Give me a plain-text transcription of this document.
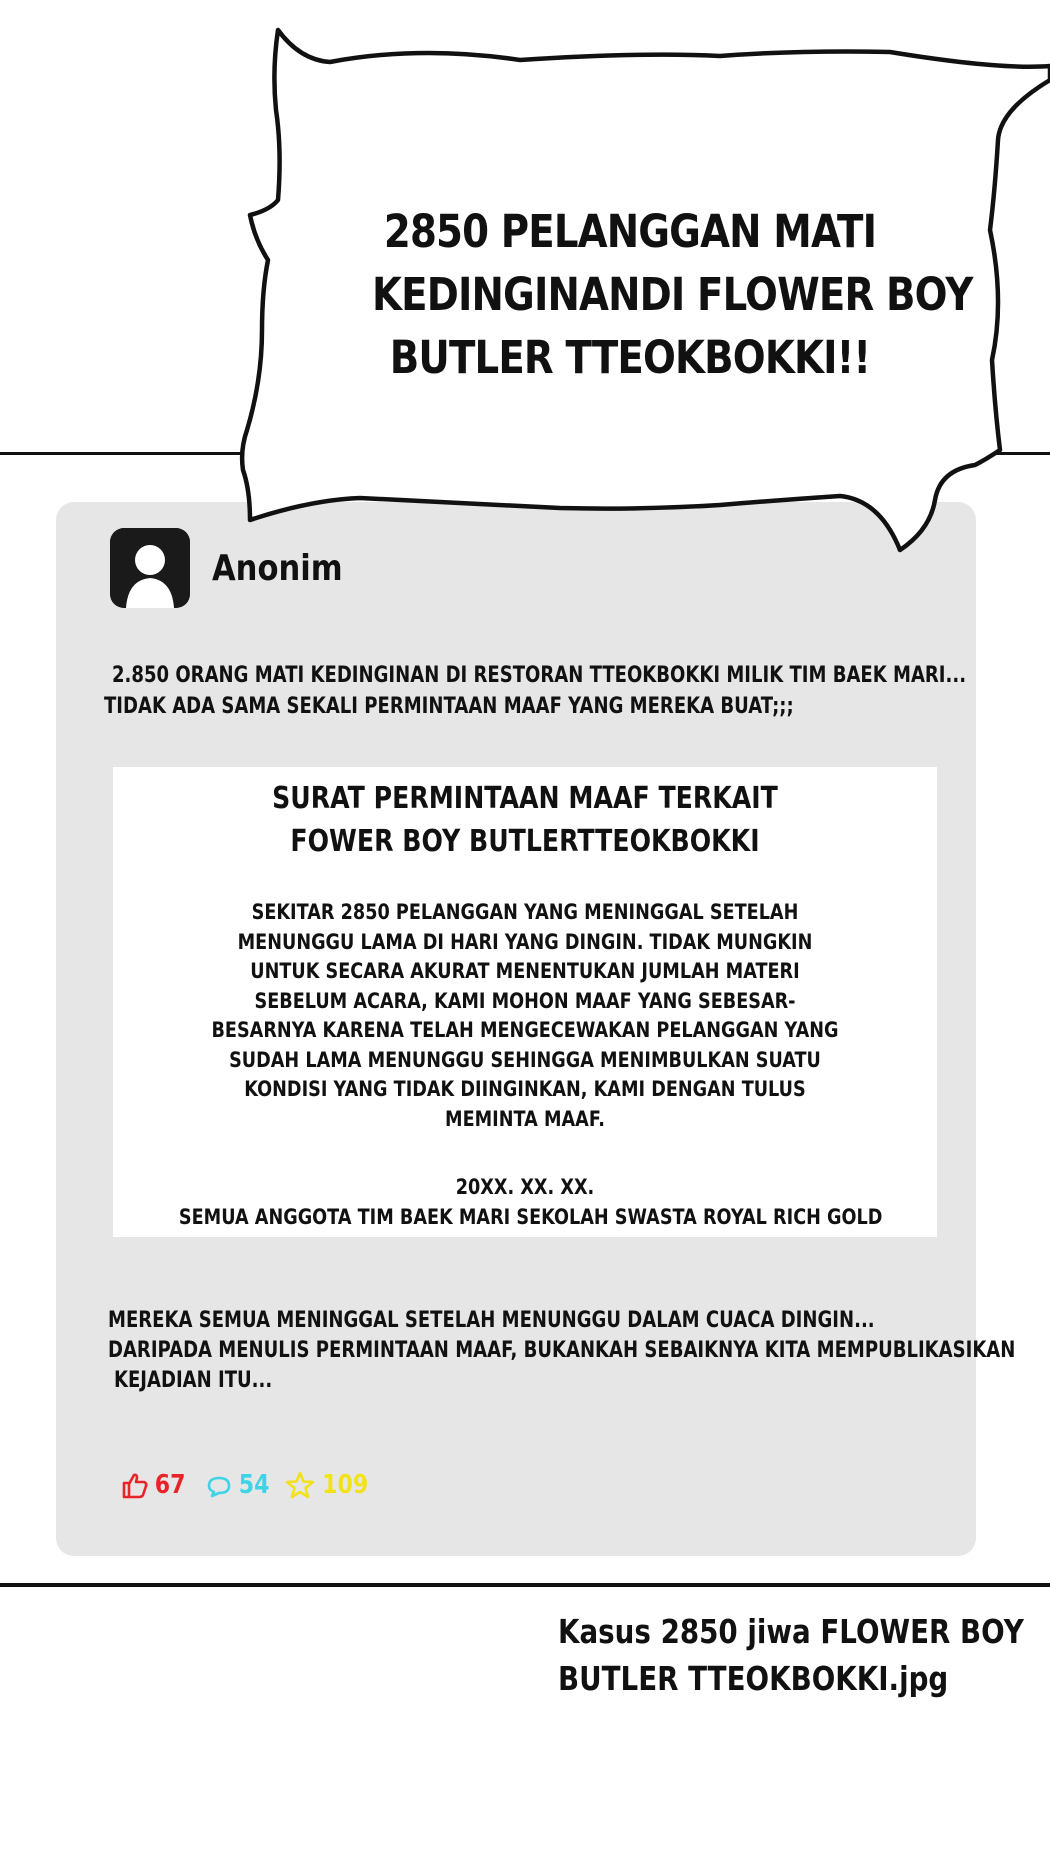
2850 PELANGGAN MATI
KEDINGINANDI FLOWER BOY
BUTLER TTEOKBOKKI!!
Anonim
2.850 ORANG MATI KEDINGINAN DI RESTORAN TTEOKBOKKI MILIK TIM BAEK MARI...
TIDAK ADA SAMA SEKALI PERMINTAAN MAAF YANG MEREKA BUAT;;;
SURAT PERMINTAAN MAAF TERKAIT
FOWER BOY BUTLERTTEOKBOKKI
SEKITAR 2850 PELANGGAN YANG MENINGGAL SETELAH
MENUNGGU LAMA DI HARI YANG DINGIN. TIDAK MUNGKIN
UNTUK SECARA AKURAT MENENTUKAN JUMLAH MATERI
SEBELUM ACARA, KAMI MOHON MAAF YANG SEBESAR-
BESARNYA KARENA TELAH MENGECEWAKAN PELANGGAN YANG
SUDAH LAMA MENUNGGU SEHINGGA MENIMBULKAN SUATU
KONDISI YANG TIDAK DIINGINKAN, KAMI DENGAN TULUS
MEMINTA MAAF.
20XX. XX. XX.
SEMUA ANGGOTA TIM BAEK MARI SEKOLAH SWASTA ROYAL RICH GOLD
MEREKA SEMUA MENINGGAL SETELAH MENUNGGU DALAM CUACA DINGIN...
DARIPADA MENULIS PERMINTAAN MAAF, BUKANKAH SEBAIKNYA KITA MEMPUBLIKASIKAN
KEJADIAN ITU...
67 54 109
Kasus 2850 jiwa FLOWER BOY
BUTLER TTEOKBOKKI.jpg
